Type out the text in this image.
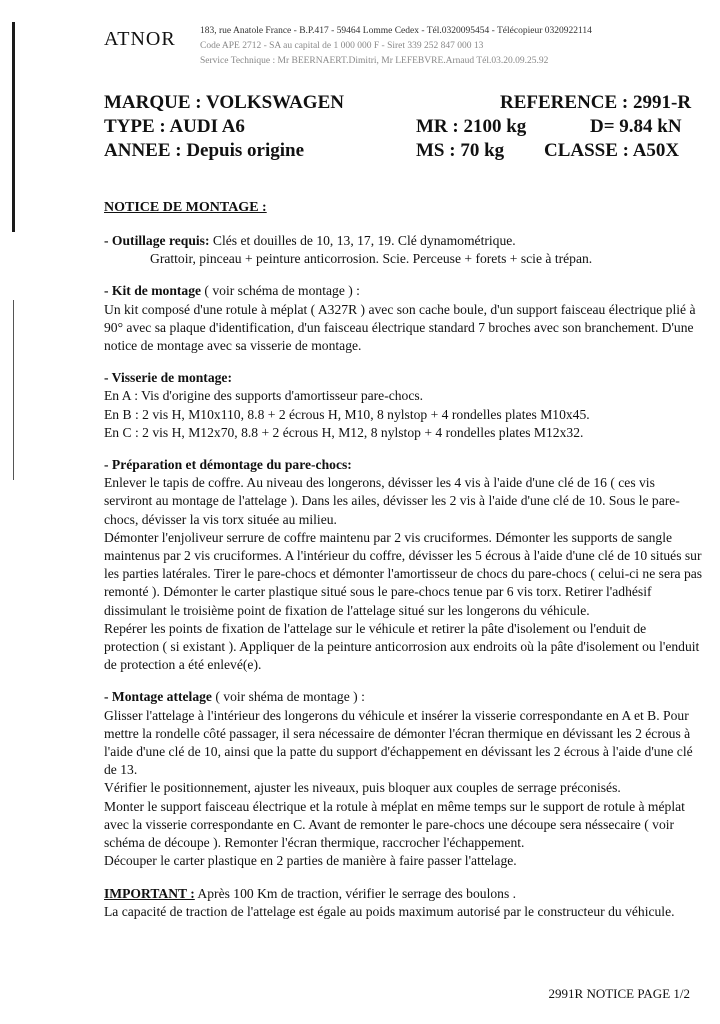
ATNOR	183, rue Anatole France - B.P.417 - 59464 Lomme Cedex - Tél.0320095454 - Télécopieur 0320922114
Code APE 2712 - SA au capital de 1 000 000 F - Siret 339 252 847 000 13
Service Technique : Mr BEERNAERT.Dimitri, Mr LEFEBVRE.Arnaud Tél.03.20.09.25.92
MARQUE : VOLKSWAGEN
TYPE : AUDI A6
ANNEE : Depuis origine
REFERENCE : 2991-R
MR : 2100 kg	D= 9.84 kN
MS : 70 kg CLASSE : A50X
NOTICE DE MONTAGE :

- Outillage requis: Clés et douilles de 10, 13, 17, 19. Clé dynamométrique.

Grattoir, pinceau + peinture anticorrosion. Scie. Perceuse + forets + scie à trépan.

- Kit de montage ( voir schéma de montage ) :

Un kit composé d'une rotule à méplat ( A327R ) avec son cache boule, d'un support faisceau électrique plié à 90° avec sa plaque d'identification, d'un faisceau électrique standard 7 broches avec son branchement. D'une notice de montage avec sa visserie de montage.

- Visserie de montage:

En A : Vis d'origine des supports d'amortisseur pare-chocs.

En B : 2 vis H, M10x110, 8.8 + 2 écrous H, M10, 8 nylstop + 4 rondelles plates M10x45.

En C : 2 vis H, M12x70, 8.8 + 2 écrous H, M12, 8 nylstop + 4 rondelles plates M12x32.

- Préparation et démontage du pare-chocs:

Enlever le tapis de coffre. Au niveau des longerons, dévisser les 4 vis à l'aide d'une clé de 16 ( ces vis serviront au montage de l'attelage ). Dans les ailes, dévisser les 2 vis à l'aide d'une clé de 10. Sous le pare-chocs, dévisser la vis torx située au milieu.

Démonter l'enjoliveur serrure de coffre maintenu par 2 vis cruciformes. Démonter les supports de sangle maintenus par 2 vis cruciformes. A l'intérieur du coffre, dévisser les 5 écrous à l'aide d'une clé de 10 situés sur les parties latérales. Tirer le pare-chocs et démonter l'amortisseur de chocs du pare-chocs ( celui-ci ne sera pas remonté ). Démonter le carter plastique situé sous le pare-chocs tenue par 6 vis torx. Retirer l'adhésif dissimulant le troisième point de fixation de l'attelage situé sur les longerons du véhicule.

Repérer les points de fixation de l'attelage sur le véhicule et retirer la pâte d'isolement ou l'enduit de protection ( si existant ). Appliquer de la peinture anticorrosion aux endroits où la pâte d'isolement ou l'enduit de protection a été enlevé(e).

- Montage attelage ( voir shéma de montage ) :

Glisser l'attelage à l'intérieur des longerons du véhicule et insérer la visserie correspondante en A et B. Pour mettre la rondelle côté passager, il sera nécessaire de démonter l'écran thermique en dévissant les 2 écrous à l'aide d'une clé de 10, ainsi que la patte du support d'échappement en dévissant les 2 écrous à l'aide d'une clé de 13.

Vérifier le positionnement, ajuster les niveaux, puis bloquer aux couples de serrage préconisés.

Monter le support faisceau électrique et la rotule à méplat en même temps sur le support de rotule à méplat avec la visserie correspondante en C. Avant de remonter le pare-chocs une découpe sera néssecaire ( voir schéma de découpe ). Remonter l'écran thermique, raccrocher l'échappement.

Découper le carter plastique en 2 parties de manière à faire passer l'attelage.

IMPORTANT : Après 100 Km de traction, vérifier le serrage des boulons .

La capacité de traction de l'attelage est égale au poids maximum autorisé par le constructeur du véhicule.

2991R NOTICE PAGE 1/2
